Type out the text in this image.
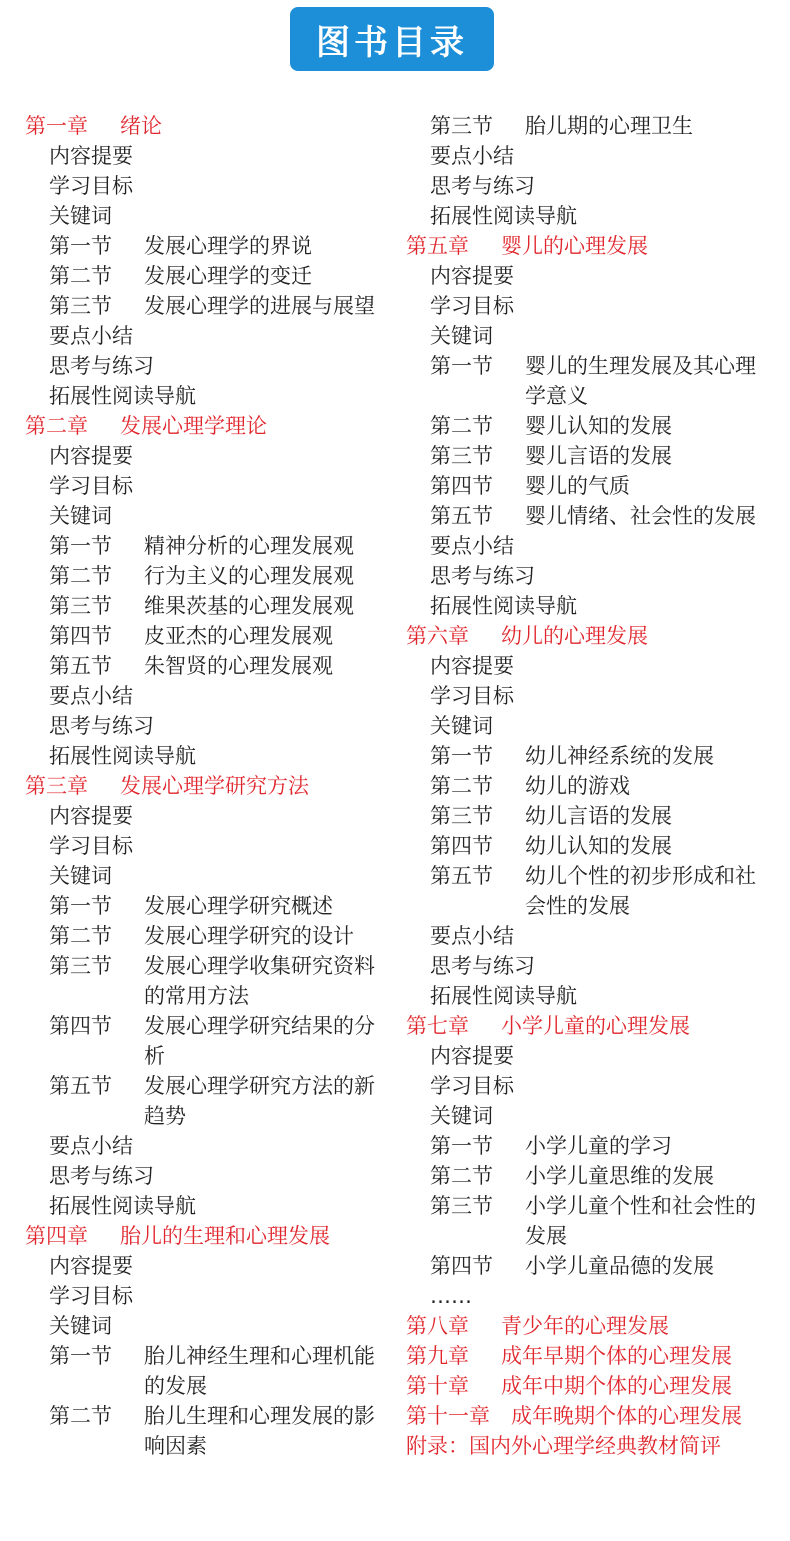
图书目录
第一章	绪论
内容提要
学习目标
关键词
第一节	发展心理学的界说
第二节	发展心理学的变迁
第三节	发展心理学的进展与展望
要点小结
思考与练习
拓展性阅读导航
第二章	发展心理学理论
内容提要
学习目标
关键词
第一节	精神分析的心理发展观
第二节	行为主义的心理发展观
第三节	维果茨基的心理发展观
第四节	皮亚杰的心理发展观
第五节	朱智贤的心理发展观
要点小结
思考与练习
拓展性阅读导航
第三章	发展心理学研究方法
内容提要
学习目标
关键词
第一节	发展心理学研究概述
第二节	发展心理学研究的设计
第三节	发展心理学收集研究资料的常用方法
第四节	发展心理学研究结果的分析
第五节	发展心理学研究方法的新趋势
要点小结
思考与练习
拓展性阅读导航
第四章	胎儿的生理和心理发展
内容提要
学习目标
关键词
第一节	胎儿神经生理和心理机能的发展
第二节	胎儿生理和心理发展的影响因素
第三节	胎儿期的心理卫生
要点小结
思考与练习
拓展性阅读导航
第五章	婴儿的心理发展
内容提要
学习目标
关键词
第一节	婴儿的生理发展及其心理学意义
第二节	婴儿认知的发展
第三节	婴儿言语的发展
第四节	婴儿的气质
第五节	婴儿情绪、社会性的发展
要点小结
思考与练习
拓展性阅读导航
第六章	幼儿的心理发展
内容提要
学习目标
关键词
第一节	幼儿神经系统的发展
第二节	幼儿的游戏
第三节	幼儿言语的发展
第四节	幼儿认知的发展
第五节	幼儿个性的初步形成和社会性的发展
要点小结
思考与练习
拓展性阅读导航
第七章	小学儿童的心理发展
内容提要
学习目标
关键词
第一节	小学儿童的学习
第二节	小学儿童思维的发展
第三节	小学儿童个性和社会性的发展
第四节	小学儿童品德的发展
……
第八章	青少年的心理发展
第九章	成年早期个体的心理发展
第十章	成年中期个体的心理发展
第十一章　成年晚期个体的心理发展
附录：国内外心理学经典教材简评
